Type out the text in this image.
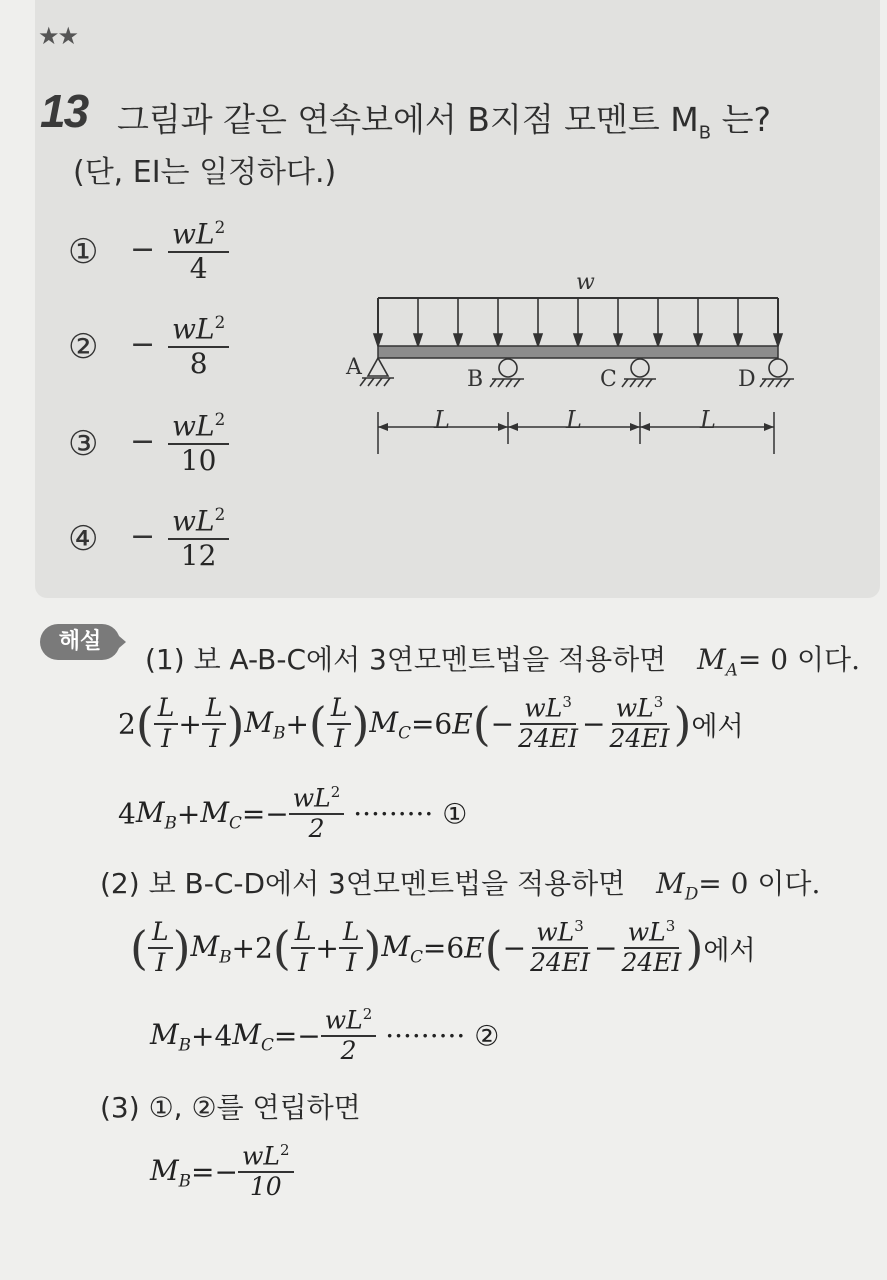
★★
13 그림과 같은 연속보에서 B지점 모멘트 $M_B$ 는?
(단, EI는 일정하다.)
① − $\frac{wL^2}{4}$
② − $\frac{wL^2}{8}$
③ − $\frac{wL^2}{10}$
④ − $\frac{wL^2}{12}$
w
A	B	C	D
L	L	L
해설
(1) 보 A-B-C에서 3연모멘트법을 적용하면 $M_A= 0$ 이다.
$2( \frac{L}{I} + \frac{L}{I} )M_B+( \frac{L}{I} )M_C=6E(- \frac{wL^3}{24EI} - \frac{wL^3}{24EI}$ )에서
$4M_B+M_C=- \frac{wL^2}{2}$ ········· ①
(2) 보 B-C-D에서 3연모멘트법을 적용하면 $M_D= 0$ 이다.
( $\frac{L}{I} )M_B+2( \frac{L}{I} + \frac{L}{I} )M_C=6E(- \frac{wL^3}{24EI} - \frac{wL^3}{24EI}$ )에서
$M_B+4M_C=- \frac{wL^2}{2}$ ········· ②
(3) ①, ②를 연립하면
$M_B=- \frac{wL^2}{10}$
